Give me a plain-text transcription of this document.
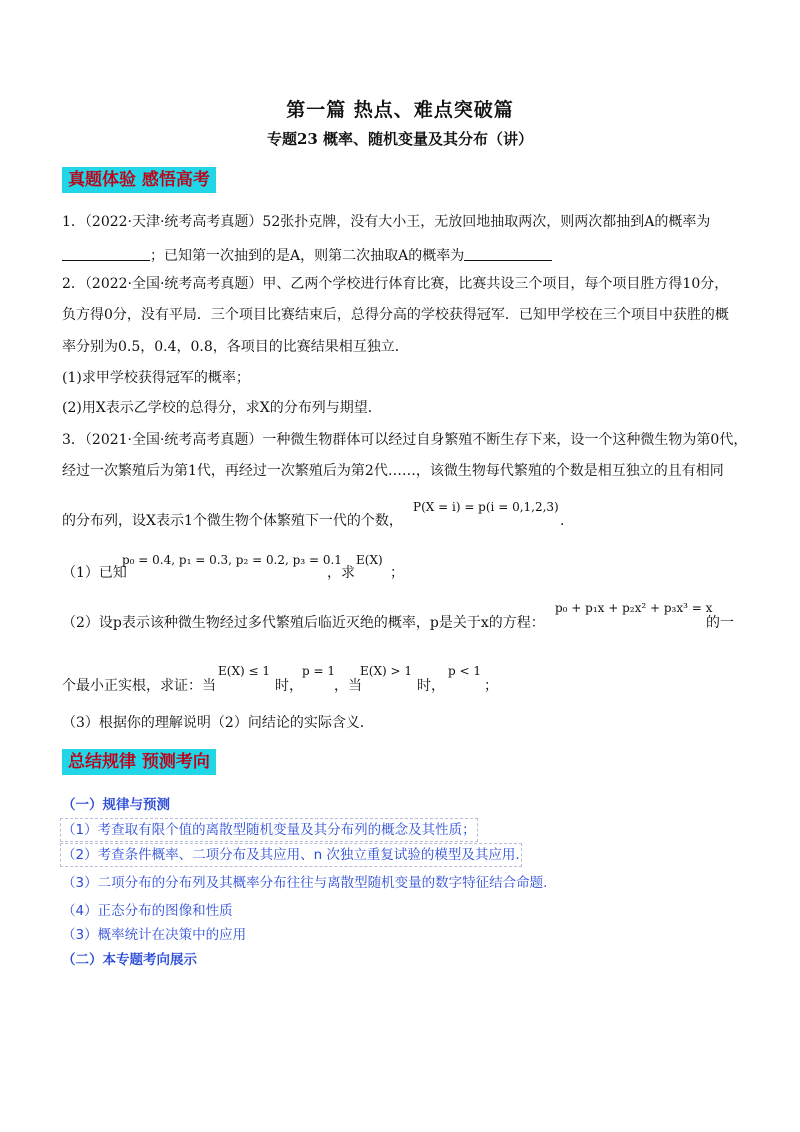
第一篇 热点、难点突破篇
专题23 概率、随机变量及其分布（讲）
真题体验 感悟高考
1．（2022·天津·统考高考真题）52张扑克牌，没有大小王，无放回地抽取两次，则两次都抽到A的概率为
；已知第一次抽到的是A，则第二次抽取A的概率为
2．（2022·全国·统考高考真题）甲、乙两个学校进行体育比赛，比赛共设三个项目，每个项目胜方得10分，
负方得0分，没有平局．三个项目比赛结束后，总得分高的学校获得冠军．已知甲学校在三个项目中获胜的概
率分别为0.5，0.4，0.8，各项目的比赛结果相互独立．
(1)求甲学校获得冠军的概率；
(2)用X表示乙学校的总得分，求X的分布列与期望．
3．（2021·全国·统考高考真题）一种微生物群体可以经过自身繁殖不断生存下来，设一个这种微生物为第0代，
经过一次繁殖后为第1代，再经过一次繁殖后为第2代……，该微生物每代繁殖的个数是相互独立的且有相同
的分布列，设X表示1个微生物个体繁殖下一代的个数，
P(X = i) = p(i = 0,1,2,3)
.
（1）已知
p₀ = 0.4, p₁ = 0.3, p₂ = 0.2, p₃ = 0.1
，求
E(X)
；
（2）设p表示该种微生物经过多代繁殖后临近灭绝的概率，p是关于x的方程：
p₀ + p₁x + p₂x² + p₃x³ = x
的一
个最小正实根，求证：当
E(X) ≤ 1
时，
p = 1
，当
E(X) > 1
时，
p < 1
；
（3）根据你的理解说明（2）问结论的实际含义．
总结规律 预测考向
（一）规律与预测
（1）考查取有限个值的离散型随机变量及其分布列的概念及其性质；
（2）考查条件概率、二项分布及其应用、n 次独立重复试验的模型及其应用.
（3）二项分布的分布列及其概率分布往往与离散型随机变量的数字特征结合命题.
（4）正态分布的图像和性质
（3）概率统计在决策中的应用
（二）本专题考向展示
